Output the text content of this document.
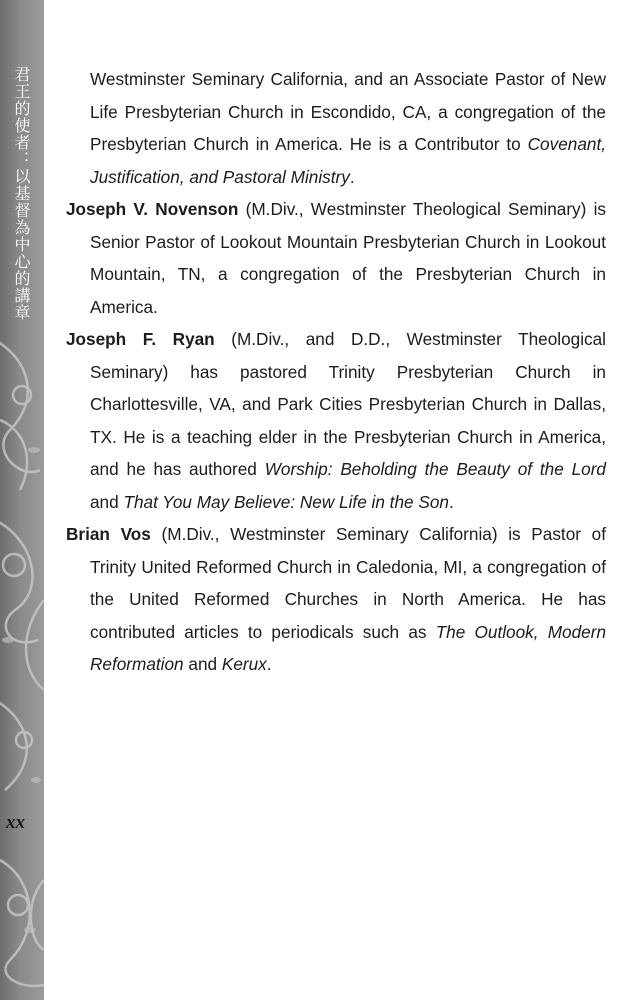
君王的使者：以基督為中心的講章
xx

Westminster Seminary California, and an Associate Pastor of New Life Presbyterian Church in Escondido, CA, a congregation of the Presbyterian Church in America. He is a Contributor to Covenant, Justification, and Pastoral Ministry.

Joseph V. Novenson (M.Div., Westminster Theological Seminary) is Senior Pastor of Lookout Mountain Presbyterian Church in Lookout Mountain, TN, a congregation of the Presbyterian Church in America.

Joseph F. Ryan (M.Div., and D.D., Westminster Theological Seminary) has pastored Trinity Presbyterian Church in Charlottesville, VA, and Park Cities Presbyterian Church in Dallas, TX. He is a teaching elder in the Presbyterian Church in America, and he has authored Worship: Beholding the Beauty of the Lord and That You May Believe: New Life in the Son.

Brian Vos (M.Div., Westminster Seminary California) is Pastor of Trinity United Reformed Church in Caledonia, MI, a congregation of the United Reformed Churches in North America. He has contributed articles to periodicals such as The Outlook, Modern Reformation and Kerux.
